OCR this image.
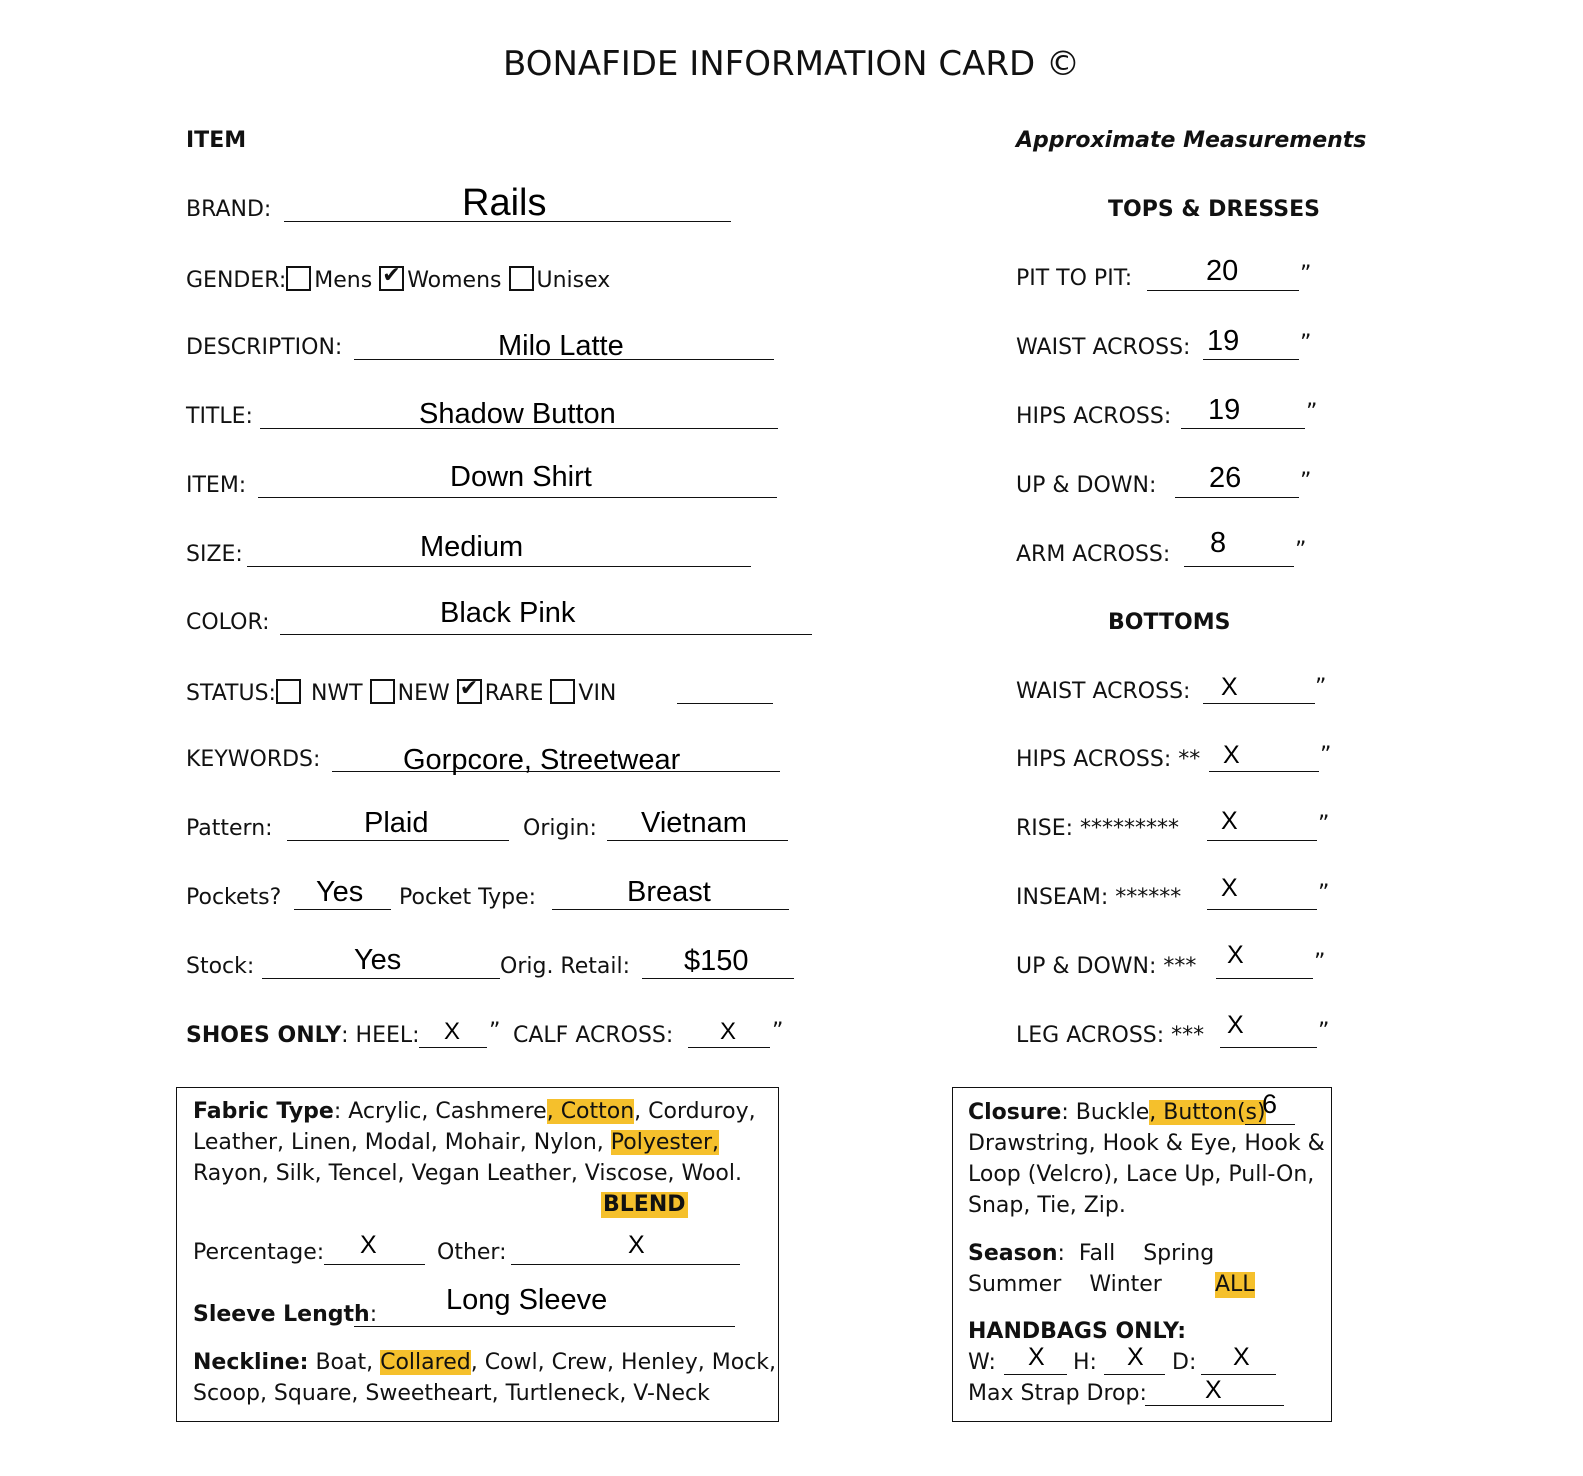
BONAFIDE INFORMATION CARD ©
ITEM
BRAND:	Rails
GENDER: Mens ✔ Womens Unisex
DESCRIPTION:	Milo Latte
TITLE:	Shadow Button
ITEM:	Down Shirt
SIZE:	Medium
COLOR:	Black Pink
STATUS: NWT NEW ✔ RARE VIN
KEYWORDS:	Gorpcore, Streetwear
Pattern:	Plaid	Origin: Vietnam
Pockets? Yes Pocket Type:	Breast
Stock:	Yes	Orig. Retail: $150
SHOES ONLY: HEEL: X ” CALF ACROSS: X ”
Approximate Measurements
TOPS & DRESSES
PIT TO PIT:	20	”
WAIST ACROSS: 19	”
HIPS ACROSS: 19	”
UP & DOWN: 26	”
ARM ACROSS: 8	”
BOTTOMS
WAIST ACROSS: X	”
HIPS ACROSS: ** X	”
RISE: ********* X	”
INSEAM: ****** X	”
UP & DOWN: *** X	”
LEG ACROSS: *** X	”
Fabric Type: Acrylic, Cashmere, Cotton, Corduroy,
Leather, Linen, Modal, Mohair, Nylon, Polyester,
Rayon, Silk, Tencel, Vegan Leather, Viscose, Wool.
BLEND
Percentage: X	Other:	X
Sleeve Length: Long Sleeve
Neckline: Boat, Collared, Cowl, Crew, Henley, Mock,
Scoop, Square, Sweetheart, Turtleneck, V-Neck
Closure: Buckle, Button(s)
6
Drawstring, Hook & Eye, Hook &
Loop (Velcro), Lace Up, Pull-On,
Snap, Tie, Zip.
Season:  Fall    Spring
Summer    Winter ALL
HANDBAGS ONLY:
W: X H: X D: X
Max Strap Drop: X
